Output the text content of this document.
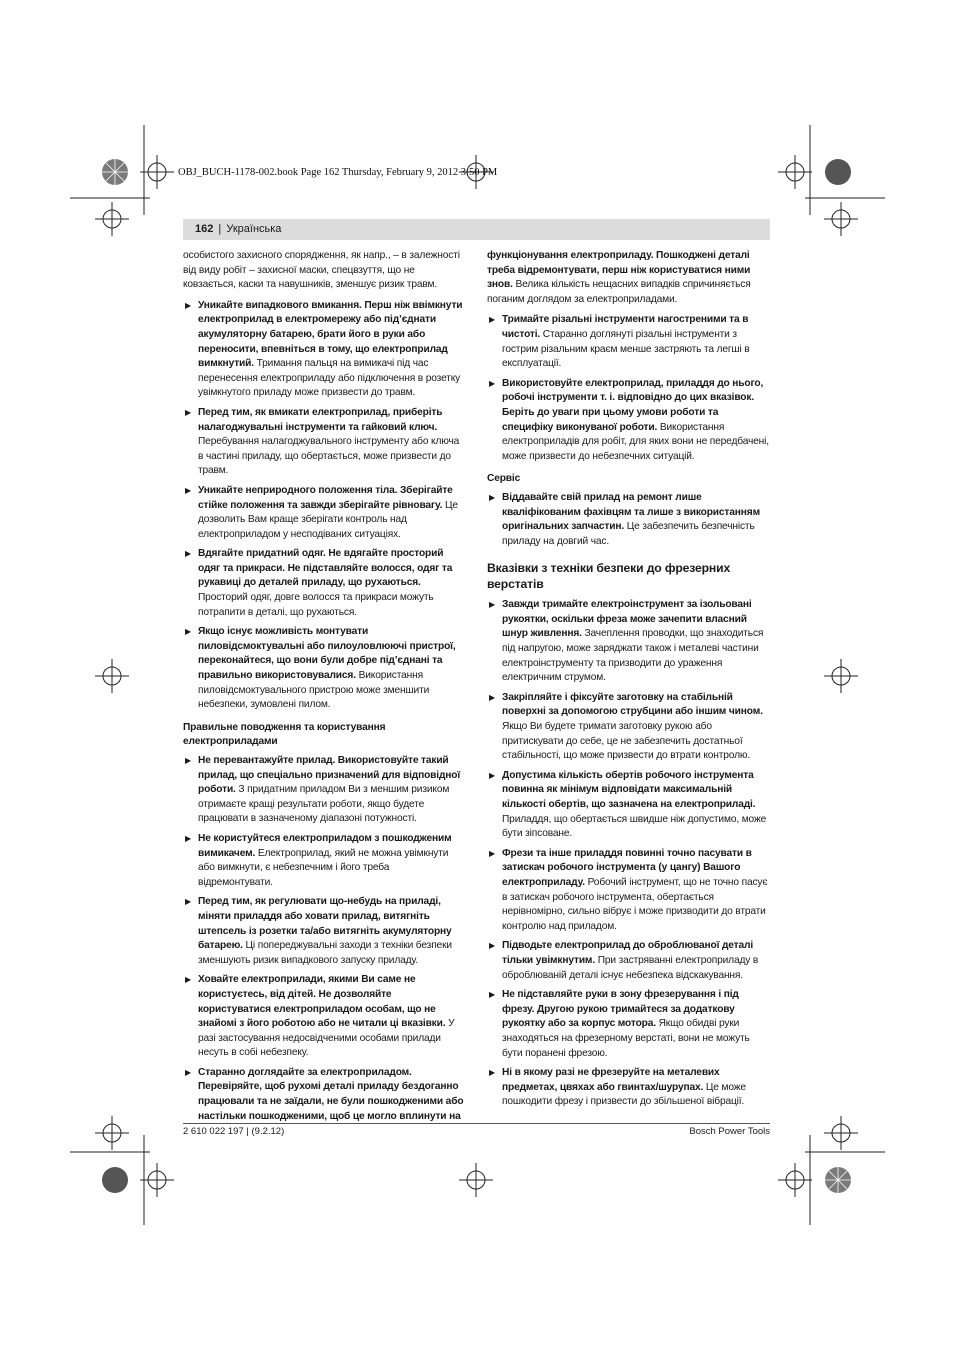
OBJ_BUCH-1178-002.book Page 162 Thursday, February 9, 2012 3:50 PM
162 | Українська

особистого захисного спорядження, як напр., – в залежності від виду робіт – захисної маски, спецвзуття, що не ковзається, каски та навушників, зменшує ризик травм.

▶ Уникайте випадкового вмикання. Перш ніж ввімкнути електроприлад в електромережу або під’єднати акумуляторну батарею, брати його в руки або переносити, впевніться в тому, що електроприлад вимкнутий. Тримання пальця на вимикачі під час перенесення електроприладу або підключення в розетку увімкнутого приладу може призвести до травм.
▶ Перед тим, як вмикати електроприлад, приберіть налагоджувальні інструменти та гайковий ключ. Перебування налагоджувального інструменту або ключа в частині приладу, що обертається, може призвести до травм.
▶ Уникайте неприродного положення тіла. Зберігайте стійке положення та завжди зберігайте рівновагу. Це дозволить Вам краще зберігати контроль над електроприладом у несподіваних ситуаціях.
▶ Вдягайте придатний одяг. Не вдягайте просторий одяг та прикраси. Не підставляйте волосся, одяг та рукавиці до деталей приладу, що рухаються. Просторий одяг, довге волосся та прикраси можуть потрапити в деталі, що рухаються.
▶ Якщо існує можливість монтувати пиловідсмоктувальні або пилоуловлюючі пристрої, переконайтеся, що вони були добре під’єднані та правильно використовувалися. Використання пиловідсмоктувального пристрою може зменшити небезпеки, зумовлені пилом.
Правильне поводження та користування електроприладами
▶ Не перевантажуйте прилад. Використовуйте такий прилад, що спеціально призначений для відповідної роботи. З придатним приладом Ви з меншим ризиком отримаєте кращі результати роботи, якщо будете працювати в зазначеному діапазоні потужності.
▶ Не користуйтеся електроприладом з пошкодженим вимикачем. Електроприлад, який не можна увімкнути або вимкнути, є небезпечним і його треба відремонтувати.
▶ Перед тим, як регулювати що-небудь на приладі, міняти приладдя або ховати прилад, витягніть штепсель із розетки та/або витягніть акумуляторну батарею. Ці попереджувальні заходи з техніки безпеки зменшують ризик випадкового запуску приладу.
▶ Ховайте електроприлади, якими Ви саме не користуєтесь, від дітей. Не дозволяйте користуватися електроприладом особам, що не знайомі з його роботою або не читали ці вказівки. У разі застосування недосвідченими особами прилади несуть в собі небезпеку.
▶ Старанно доглядайте за електроприладом. Перевіряйте, щоб рухомі деталі приладу бездоганно працювали та не заїдали, не були пошкодженими або настільки пошкодженими, щоб це могло вплинути на

функціонування електроприладу. Пошкоджені деталі треба відремонтувати, перш ніж користуватися ними знов. Велика кількість нещасних випадків спричиняється поганим доглядом за електроприладами.

▶ Тримайте різальні інструменти нагостреними та в чистоті. Старанно доглянуті різальні інструменти з гострим різальним краєм менше застряють та легші в експлуатації.
▶ Використовуйте електроприлад, приладдя до нього, робочі інструменти т. і. відповідно до цих вказівок. Беріть до уваги при цьому умови роботи та специфіку виконуваної роботи. Використання електроприладів для робіт, для яких вони не передбачені, може призвести до небезпечних ситуацій.
Сервіс
▶ Віддавайте свій прилад на ремонт лише кваліфікованим фахівцям та лише з використанням оригінальних запчастин. Це забезпечить безпечність приладу на довгий час.
Вказівки з техніки безпеки до фрезерних верстатів
▶ Завжди тримайте електроінструмент за ізольовані рукоятки, оскільки фреза може зачепити власний шнур живлення. Зачеплення проводки, що знаходиться під напругою, може заряджати також і металеві частини електроінструменту та призводити до ураження електричним струмом.
▶ Закріпляйте і фіксуйте заготовку на стабільній поверхні за допомогою струбцини або іншим чином. Якщо Ви будете тримати заготовку рукою або притискувати до себе, це не забезпечить достатньої стабільності, що може призвести до втрати контролю.
▶ Допустима кількість обертів робочого інструмента повинна як мінімум відповідати максимальній кількості обертів, що зазначена на електроприладі. Приладдя, що обертається швидше ніж допустимо, може бути зіпсоване.
▶ Фрези та інше приладдя повинні точно пасувати в затискач робочого інструмента (у цангу) Вашого електроприладу. Робочий інструмент, що не точно пасує в затискач робочого інструмента, обертається нерівномірно, сильно вібрує і може призводити до втрати контролю над приладом.
▶ Підводьте електроприлад до оброблюваної деталі тільки увімкнутим. При застряванні електроприладу в оброблюваній деталі існує небезпека відскакування.
▶ Не підставляйте руки в зону фрезерування і під фрезу. Другою рукою тримайтеся за додаткову рукоятку або за корпус мотора. Якщо обидві руки знаходяться на фрезерному верстаті, вони не можуть бути поранені фрезою.
▶ Ні в якому разі не фрезеруйте на металевих предметах, цвяхах або гвинтах/шурупах. Це може пошкодити фрезу і призвести до збільшеної вібрації.
2 610 022 197 | (9.2.12)	Bosch Power Tools
